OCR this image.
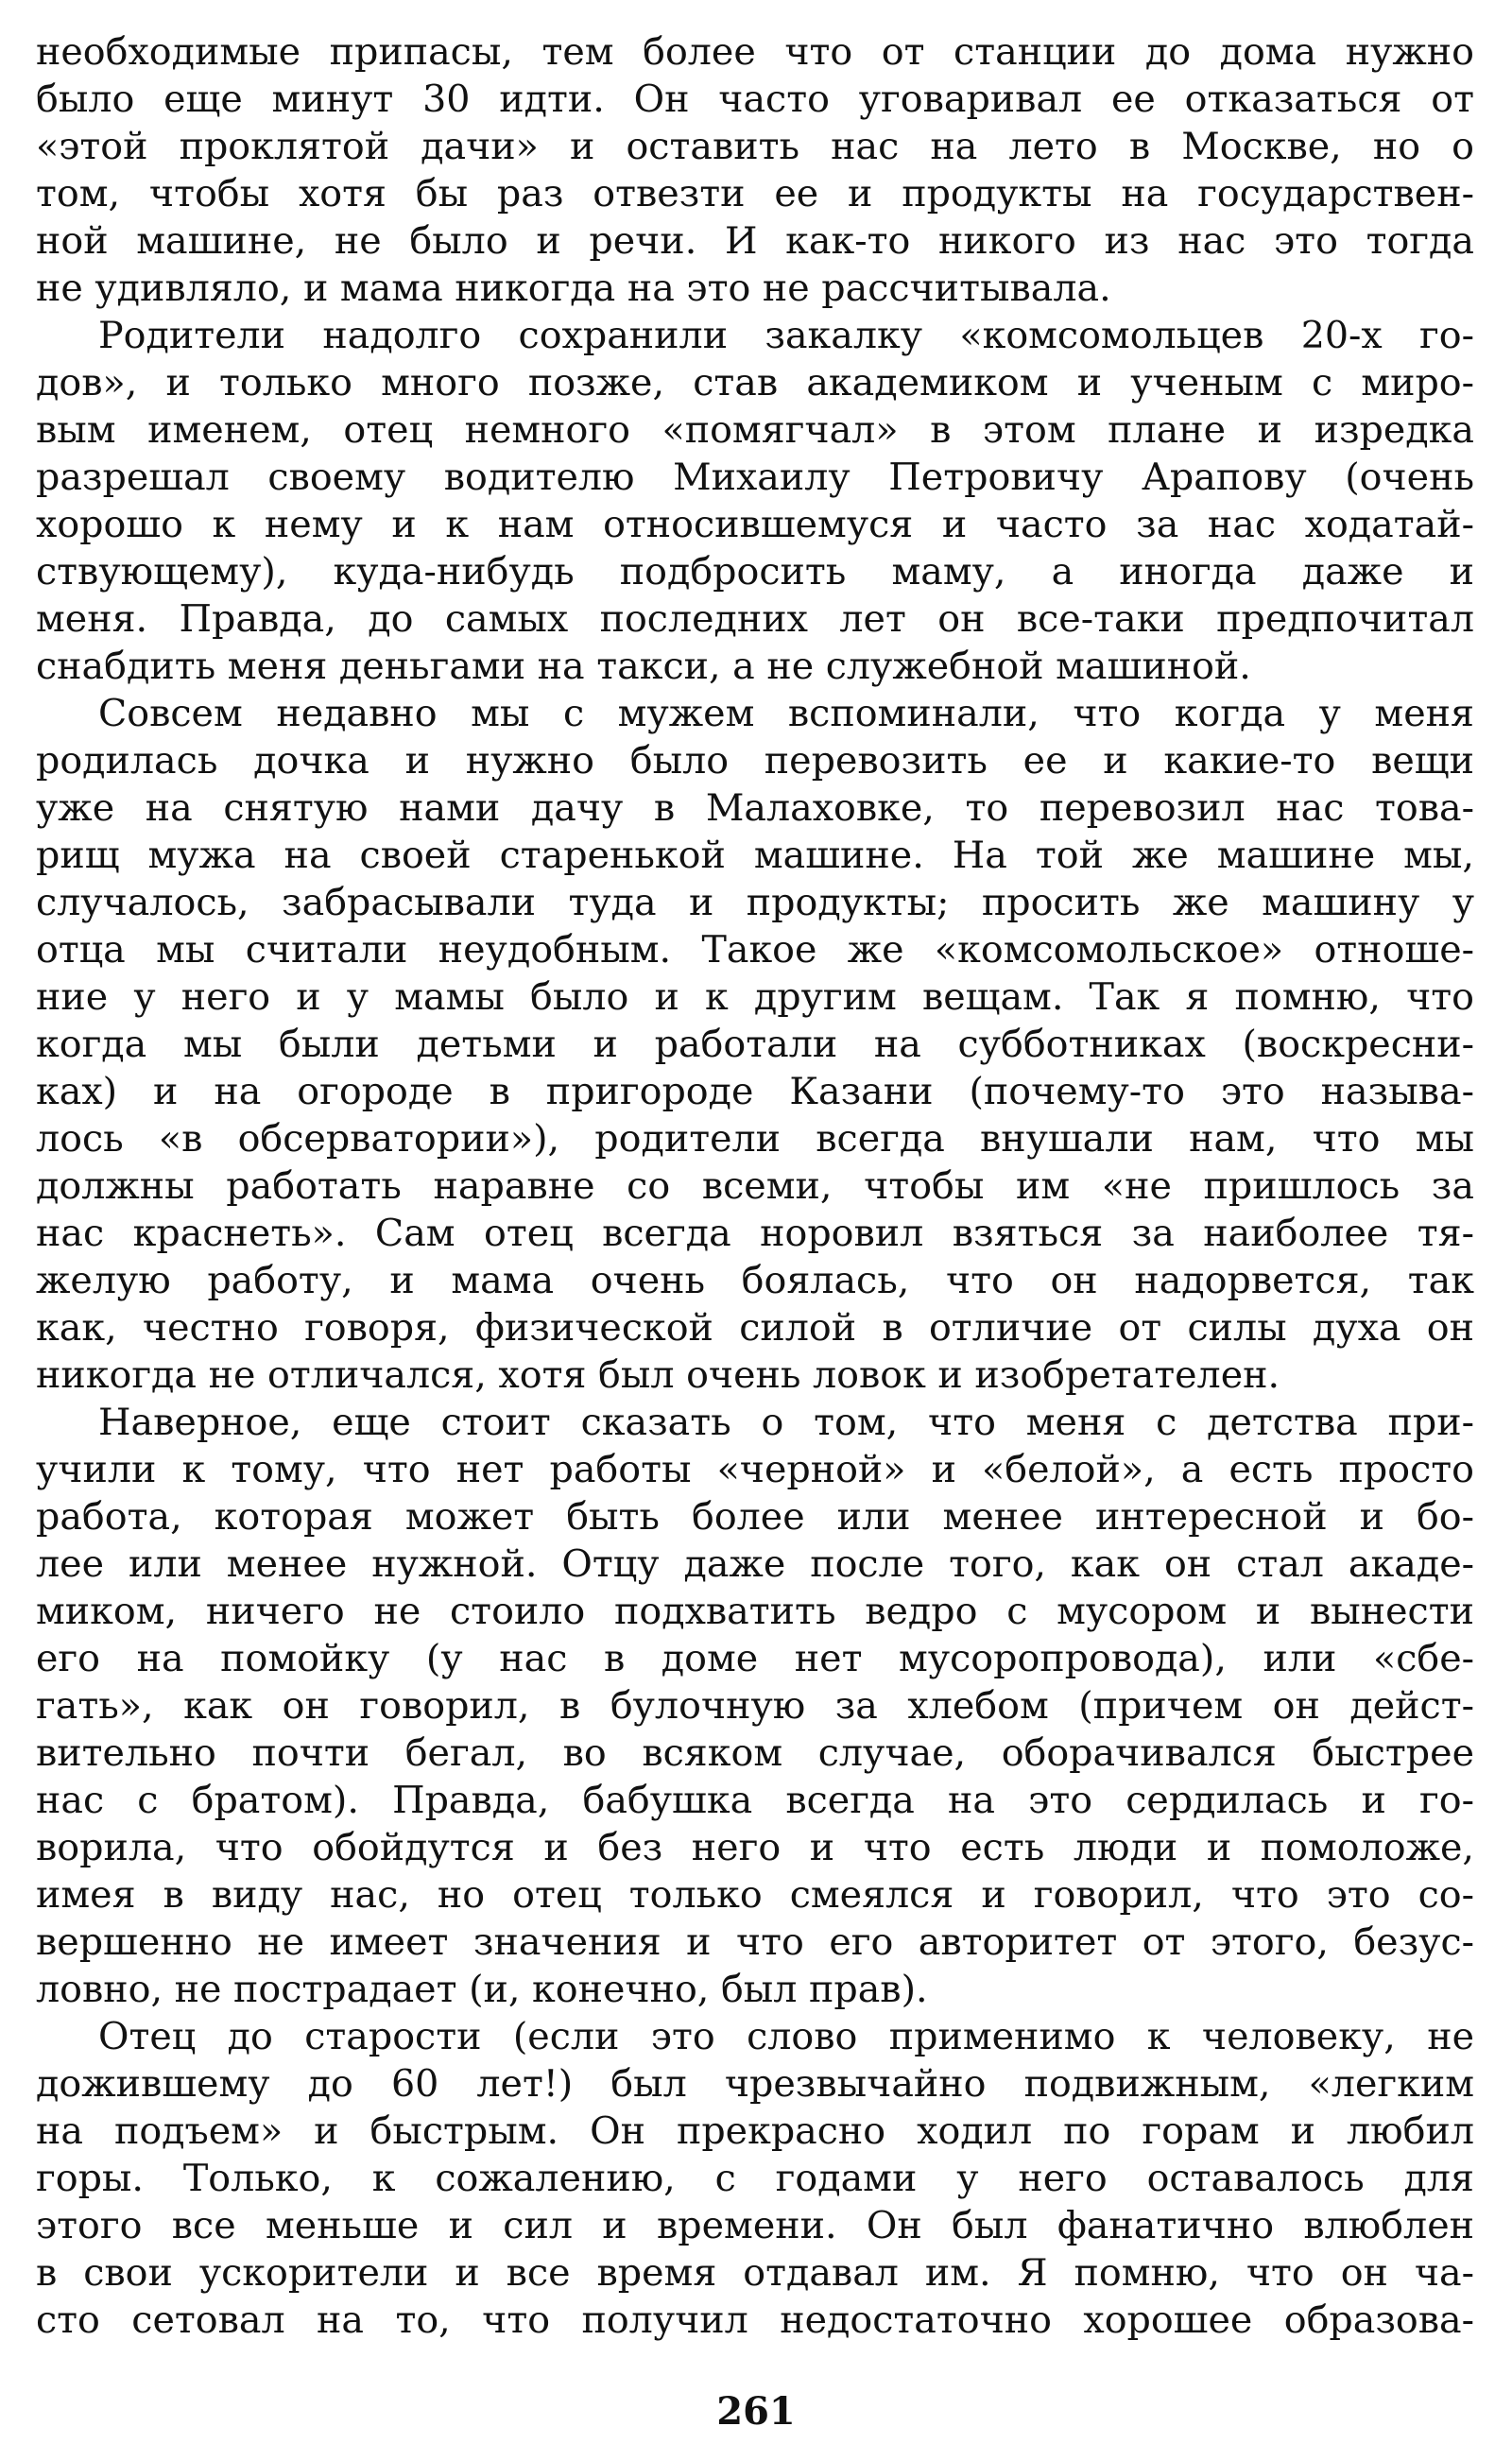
необходимые припасы, тем более что от станции до дома нужно
было еще минут 30 идти. Он часто уговаривал ее отказаться от
«этой проклятой дачи» и оставить нас на лето в Москве, но о
том, чтобы хотя бы раз отвезти ее и продукты на государствен-
ной машине, не было и речи. И как-то никого из нас это тогда
не удивляло, и мама никогда на это не рассчитывала.

Родители надолго сохранили закалку «комсомольцев 20-х го-
дов», и только много позже, став академиком и ученым с миро-
вым именем, отец немного «помягчал» в этом плане и изредка
разрешал своему водителю Михаилу Петровичу Арапову (очень
хорошо к нему и к нам относившемуся и часто за нас ходатай-
ствующему), куда-нибудь подбросить маму, а иногда даже и
меня. Правда, до самых последних лет он все-таки предпочитал
снабдить меня деньгами на такси, а не служебной машиной.

Совсем недавно мы с мужем вспоминали, что когда у меня
родилась дочка и нужно было перевозить ее и какие-то вещи
уже на снятую нами дачу в Малаховке, то перевозил нас това-
рищ мужа на своей старенькой машине. На той же машине мы,
случалось, забрасывали туда и продукты; просить же машину у
отца мы считали неудобным. Такое же «комсомольское» отноше-
ние у него и у мамы было и к другим вещам. Так я помню, что
когда мы были детьми и работали на субботниках (воскресни-
ках) и на огороде в пригороде Казани (почему-то это называ-
лось «в обсерватории»), родители всегда внушали нам, что мы
должны работать наравне со всеми, чтобы им «не пришлось за
нас краснеть». Сам отец всегда норовил взяться за наиболее тя-
желую работу, и мама очень боялась, что он надорвется, так
как, честно говоря, физической силой в отличие от силы духа он
никогда не отличался, хотя был очень ловок и изобретателен.

Наверное, еще стоит сказать о том, что меня с детства при-
учили к тому, что нет работы «черной» и «белой», а есть просто
работа, которая может быть более или менее интересной и бо-
лее или менее нужной. Отцу даже после того, как он стал акаде-
миком, ничего не стоило подхватить ведро с мусором и вынести
его на помойку (у нас в доме нет мусоропровода), или «сбе-
гать», как он говорил, в булочную за хлебом (причем он дейст-
вительно почти бегал, во всяком случае, оборачивался быстрее
нас с братом). Правда, бабушка всегда на это сердилась и го-
ворила, что обойдутся и без него и что есть люди и помоложе,
имея в виду нас, но отец только смеялся и говорил, что это со-
вершенно не имеет значения и что его авторитет от этого, безус-
ловно, не пострадает (и, конечно, был прав).

Отец до старости (если это слово применимо к человеку, не
дожившему до 60 лет!) был чрезвычайно подвижным, «легким
на подъем» и быстрым. Он прекрасно ходил по горам и любил
горы. Только, к сожалению, с годами у него оставалось для
этого все меньше и сил и времени. Он был фанатично влюблен
в свои ускорители и все время отдавал им. Я помню, что он ча-
сто сетовал на то, что получил недостаточно хорошее образова-

261
